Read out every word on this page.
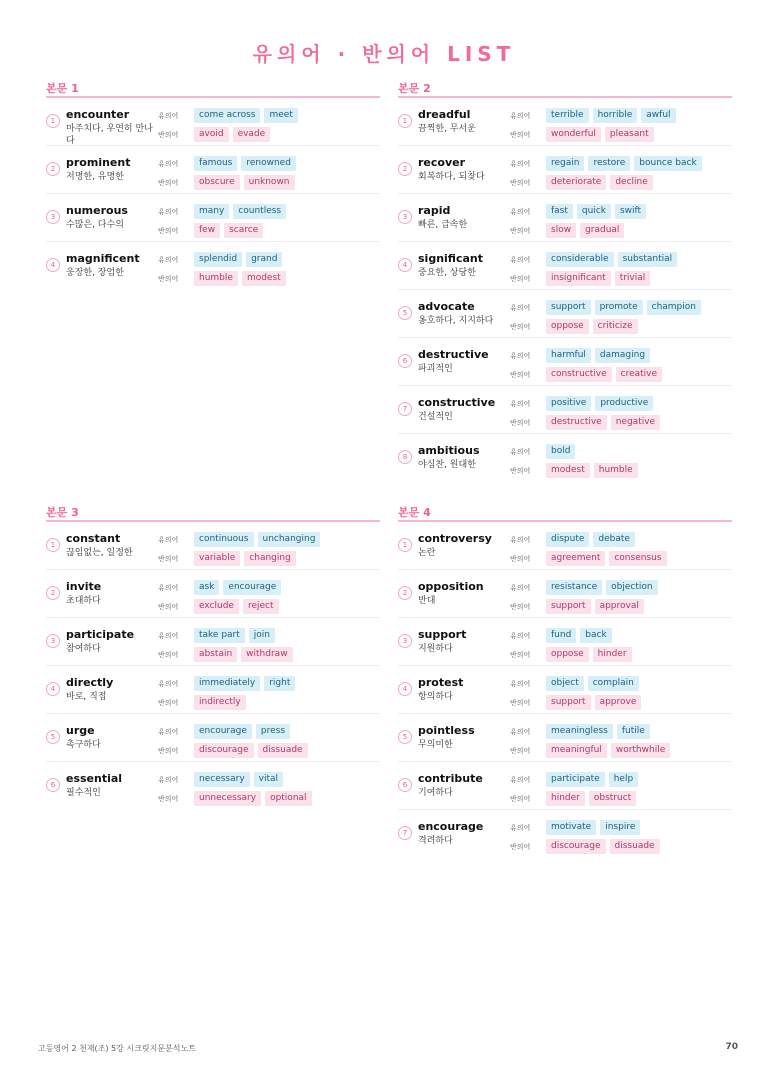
유의어 · 반의어 LIST
본문 1
1 encounter
마주치다, 우연히 만나다
유의어	come across	meet
반의어	avoid	evade
2 prominent
저명한, 유명한
유의어	famous	renowned
반의어	obscure	unknown
3 numerous
수많은, 다수의
유의어	many	countless
반의어	few	scarce
4 magnificent
웅장한, 장엄한
유의어	splendid	grand
반의어	humble	modest
본문 2
1 dreadful
끔찍한, 무서운
유의어	terrible	horrible	awful
반의어	wonderful	pleasant
2 recover
회복하다, 되찾다
유의어	regain	restore	bounce back
반의어	deteriorate	decline
3 rapid
빠른, 급속한
유의어	fast	quick	swift
반의어	slow	gradual
4 significant
중요한, 상당한
유의어	considerable	substantial
반의어	insignificant	trivial
5 advocate
옹호하다, 지지하다
유의어	support	promote	champion
반의어	oppose	criticize
6 destructive
파괴적인
유의어	harmful	damaging
반의어	constructive	creative
7 constructive
건설적인
유의어	positive	productive
반의어	destructive	negative
8 ambitious
야심찬, 원대한
유의어	bold
반의어	modest	humble
본문 3
1 constant
끊임없는, 일정한
유의어	continuous	unchanging
반의어	variable	changing
2 invite
초대하다
유의어	ask	encourage
반의어	exclude	reject
3 participate
참여하다
유의어	take part	join
반의어	abstain	withdraw
4 directly
바로, 직접
유의어	immediately	right
반의어	indirectly
5 urge
촉구하다
유의어	encourage	press
반의어	discourage	dissuade
6 essential
필수적인
유의어	necessary	vital
반의어	unnecessary	optional
본문 4
1 controversy
논란
유의어	dispute	debate
반의어	agreement	consensus
2 opposition
반대
유의어	resistance	objection
반의어	support	approval
3 support
지원하다
유의어	fund	back
반의어	oppose	hinder
4 protest
항의하다
유의어	object	complain
반의어	support	approve
5 pointless
무의미한
유의어	meaningless	futile
반의어	meaningful	worthwhile
6 contribute
기여하다
유의어	participate	help
반의어	hinder	obstruct
7 encourage
격려하다
유의어	motivate	inspire
반의어	discourage	dissuade
고등영어 2 천재(조) 5강 시크릿지문분석노트	70
